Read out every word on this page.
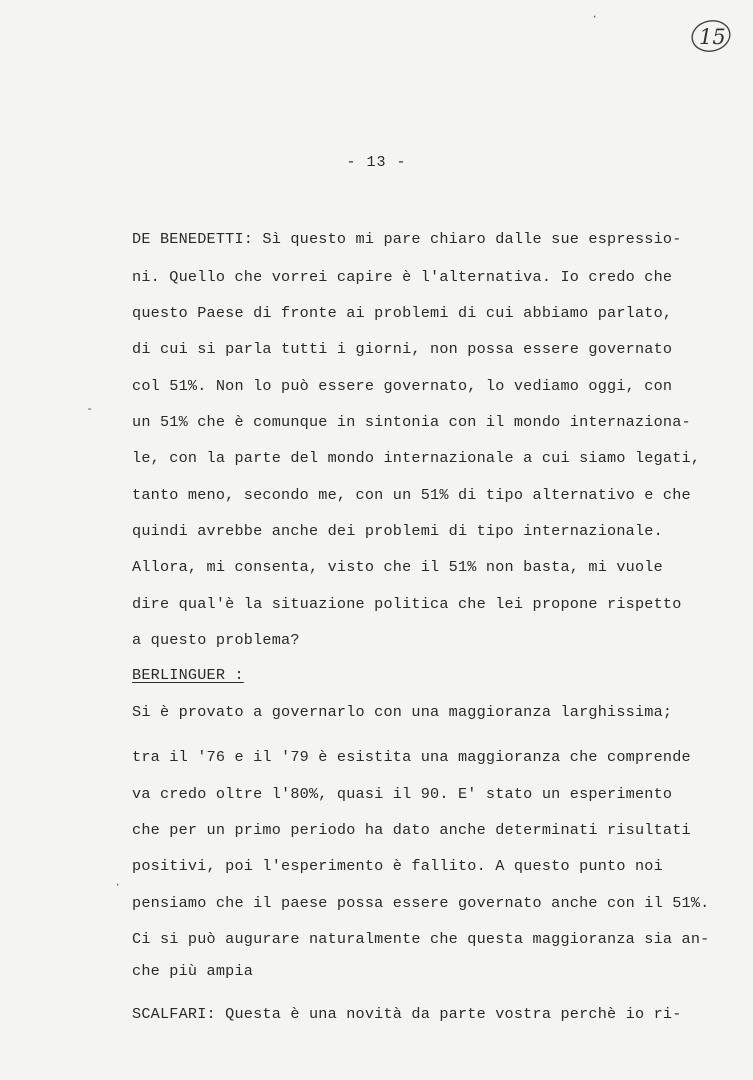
15
·
-
·
- 13 -
DE BENEDETTI: Sì questo mi pare chiaro dalle sue espressio-
ni. Quello che vorrei capire è l'alternativa. Io credo che
questo Paese di fronte ai problemi di cui abbiamo parlato,
di cui si parla tutti i giorni, non possa essere governato
col 51%. Non lo può essere governato, lo vediamo oggi, con
un 51% che è comunque in sintonia con il mondo internaziona-
le, con la parte del mondo internazionale a cui siamo legati,
tanto meno, secondo me, con un 51% di tipo alternativo e che
quindi avrebbe anche dei problemi di tipo internazionale.
Allora, mi consenta, visto che il 51% non basta, mi vuole
dire qual'è la situazione politica che lei propone rispetto
a questo problema?
BERLINGUER :
Si è provato a governarlo con una maggioranza larghissima;
tra il '76 e il '79 è esistita una maggioranza che comprende
va credo oltre l'80%, quasi il 90. E' stato un esperimento
che per un primo periodo ha dato anche determinati risultati
positivi, poi l'esperimento è fallito. A questo punto noi
pensiamo che il paese possa essere governato anche con il 51%.
Ci si può augurare naturalmente che questa maggioranza sia an-
che più ampia
SCALFARI: Questa è una novità da parte vostra perchè io ri-
